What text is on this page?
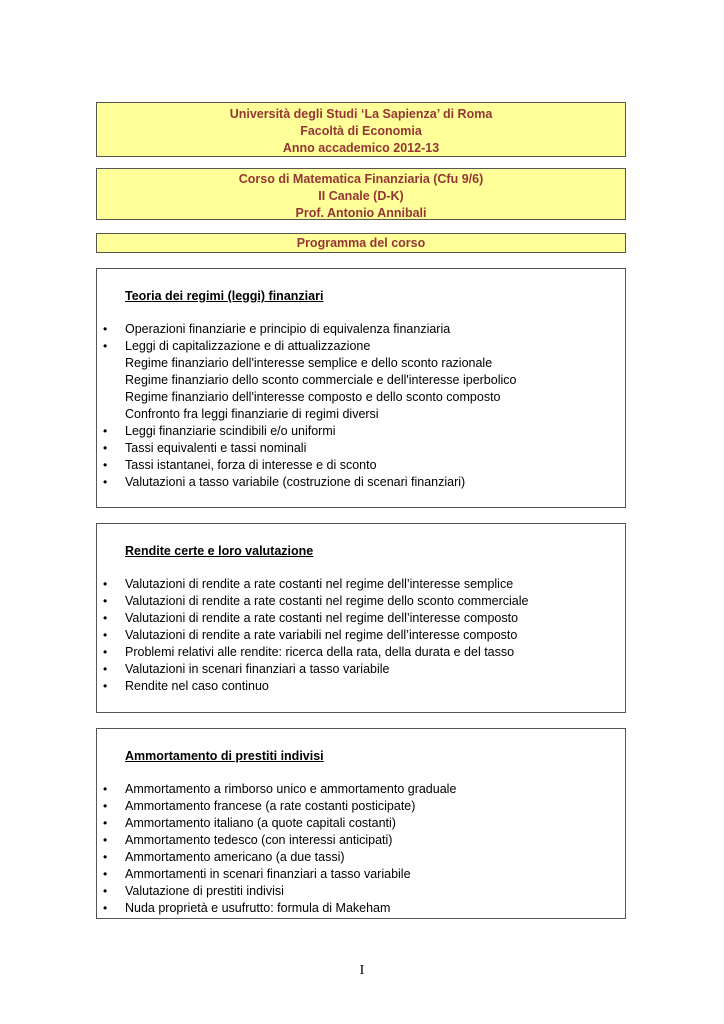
Università degli Studi ‘La Sapienza’ di Roma
Facoltà di Economia
Anno accademico 2012-13
Corso di Matematica Finanziaria (Cfu 9/6)
II Canale (D-K)
Prof. Antonio Annibali
Programma del corso

Teoria dei regimi (leggi) finanziari

• Operazioni finanziarie e principio di equivalenza finanziaria
• Leggi di capitalizzazione e di attualizzazione
Regime finanziario dell'interesse semplice e dello sconto razionale
Regime finanziario dello sconto commerciale e dell'interesse iperbolico
Regime finanziario dell'interesse composto e dello sconto composto
Confronto fra leggi finanziarie di regimi diversi
• Leggi finanziarie scindibili e/o uniformi
• Tassi equivalenti e tassi nominali
• Tassi istantanei, forza di interesse e di sconto
• Valutazioni a tasso variabile (costruzione di scenari finanziari)

Rendite certe e loro valutazione

• Valutazioni di rendite a rate costanti nel regime dell’interesse semplice
• Valutazioni di rendite a rate costanti nel regime dello sconto commerciale
• Valutazioni di rendite a rate costanti nel regime dell’interesse composto
• Valutazioni di rendite a rate variabili nel regime dell’interesse composto
• Problemi relativi alle rendite: ricerca della rata, della durata e del tasso
• Valutazioni in scenari finanziari a tasso variabile
• Rendite nel caso continuo

Ammortamento di prestiti indivisi

• Ammortamento a rimborso unico e ammortamento graduale
• Ammortamento francese (a rate costanti posticipate)
• Ammortamento italiano (a quote capitali costanti)
• Ammortamento tedesco (con interessi anticipati)
• Ammortamento americano (a due tassi)
• Ammortamenti in scenari finanziari a tasso variabile
• Valutazione di prestiti indivisi
• Nuda proprietà e usufrutto: formula di Makeham
I
